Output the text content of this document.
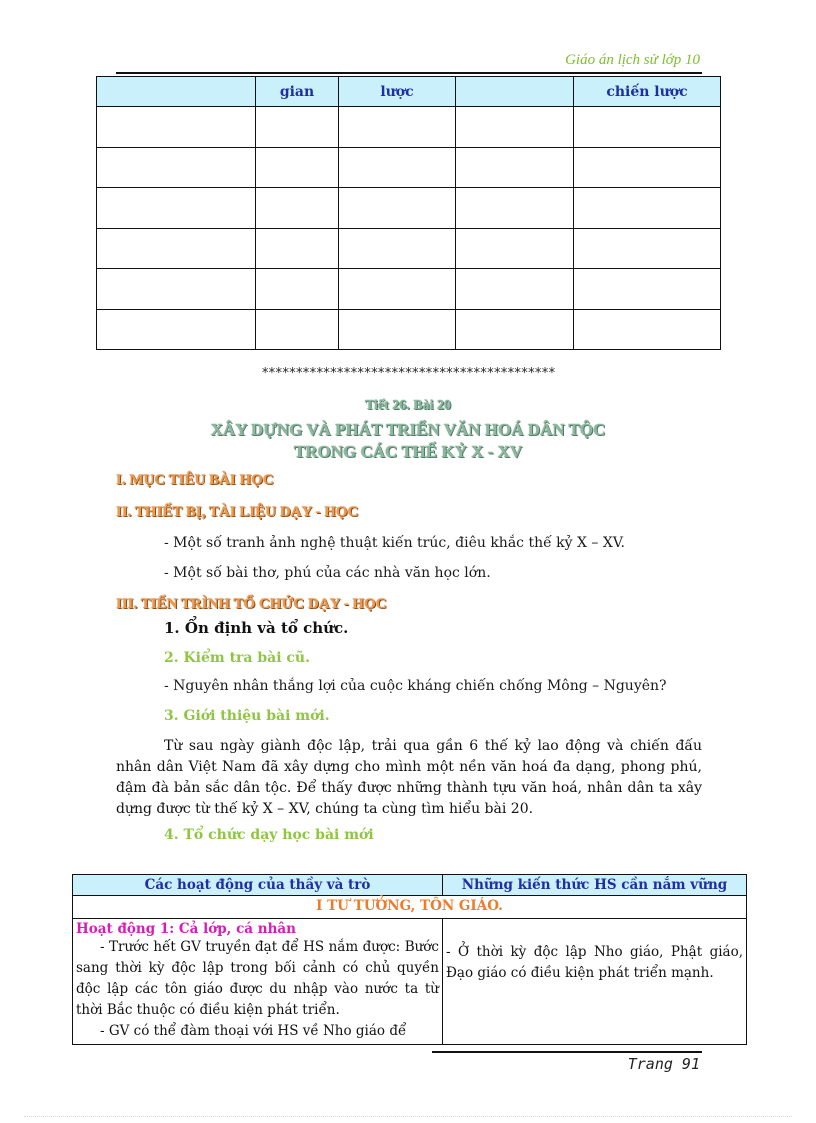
Giáo án lịch sử lớp 10
	gian	lược		chiến lược

*******************************************
Tiết 26. Bài 20
XÂY DỰNG VÀ PHÁT TRIỂN VĂN HOÁ DÂN TỘC
TRONG CÁC THẾ KỶ X - XV
I. MỤC TIÊU BÀI HỌC
II. THIẾT BỊ, TÀI LIỆU DẠY - HỌC
- Một số tranh ảnh nghệ thuật kiến trúc, điêu khắc thế kỷ X – XV.
- Một số bài thơ, phú của các nhà văn học lớn.
III. TIẾN TRÌNH TỔ CHỨC DẠY - HỌC
1. Ổn định và tổ chức.
2. Kiểm tra bài cũ.
- Nguyên nhân thắng lợi của cuộc kháng chiến chống Mông – Nguyên?
3. Giới thiệu bài mới.
Từ sau ngày giành độc lập, trải qua gần 6 thế kỷ lao động và chiến đấu nhân dân Việt Nam đã xây dựng cho mình một nền văn hoá đa dạng, phong phú, đậm đà bản sắc dân tộc. Để thấy được những thành tựu văn hoá, nhân dân ta xây dựng được từ thế kỷ X – XV, chúng ta cùng tìm hiểu bài 20.
4. Tổ chức dạy học bài mới
Các hoạt động của thầy và trò	Những kiến thức HS cần nắm vững
I TƯ TƯỞNG, TÔN GIÁO.	

Hoạt động 1: Cả lớp, cá nhân
- Trước hết GV truyền đạt để HS nắm được: Bước sang thời kỳ độc lập trong bối cảnh có chủ quyền độc lập các tôn giáo được du nhập vào nước ta từ thời Bắc thuộc có điều kiện phát triển.
- GV có thể đàm thoại với HS về Nho giáo để	- Ở thời kỳ độc lập Nho giáo, Phật giáo, Đạo giáo có điều kiện phát triển mạnh.
Trang 91
